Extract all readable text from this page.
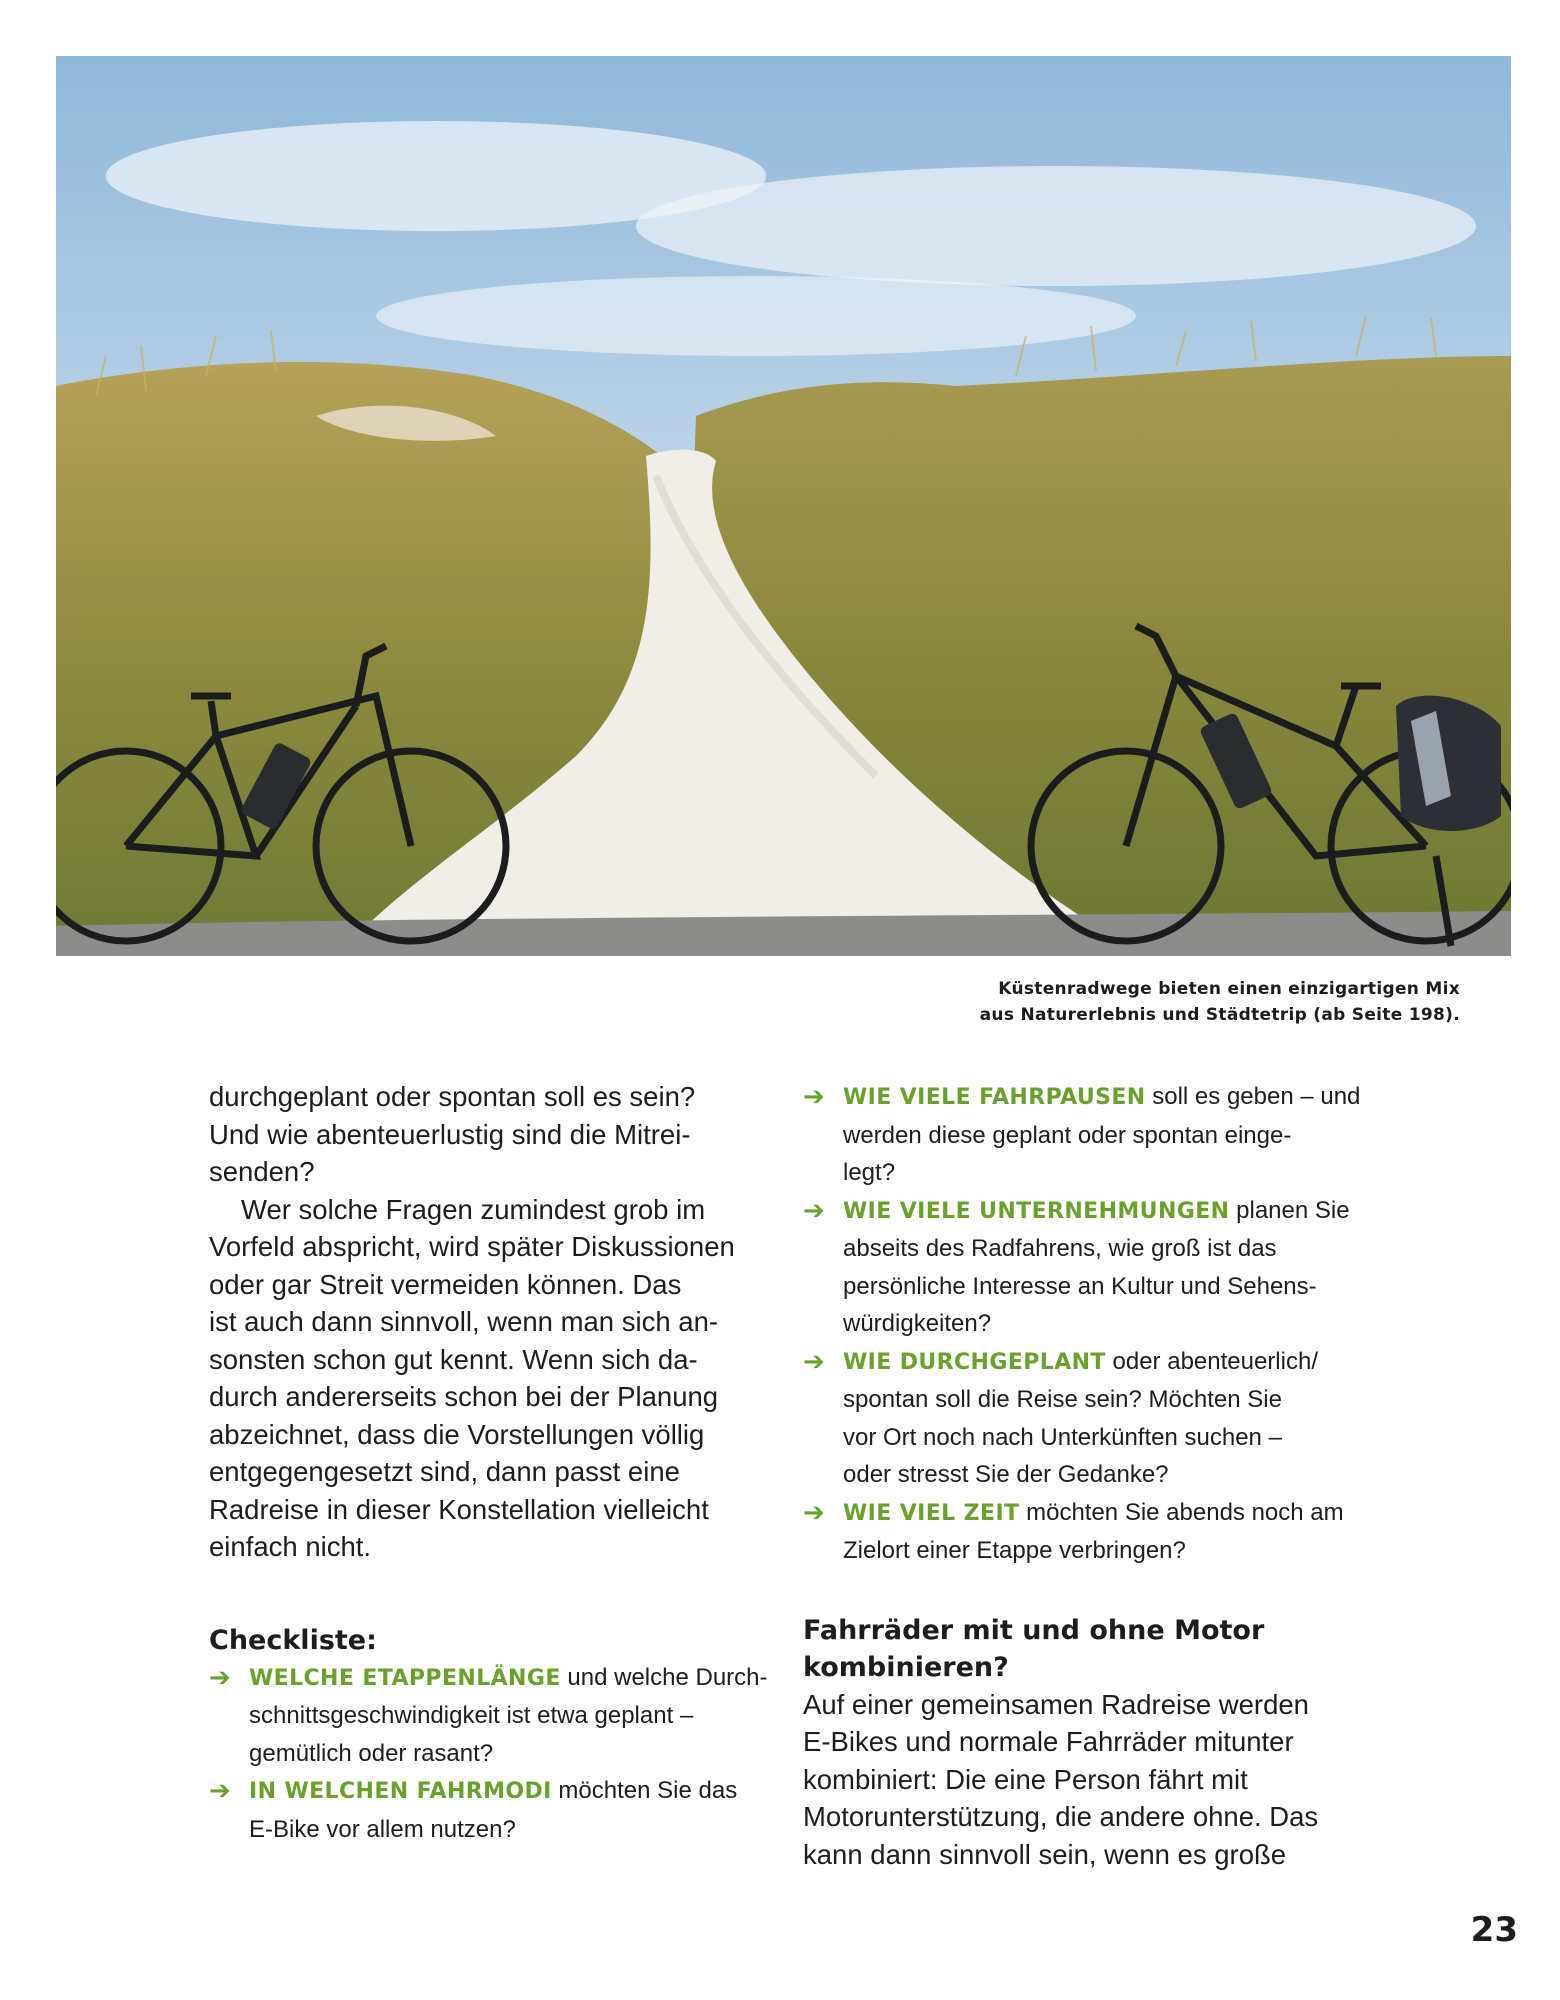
Küstenradwege bieten einen einzigartigen Mix
aus Naturerlebnis und Städtetrip (ab Seite 198).

durchgeplant oder spontan soll es sein?
Und wie abenteuerlustig sind die Mitrei-
senden?

Wer solche Fragen zumindest grob im
Vorfeld abspricht, wird später Diskussionen
oder gar Streit vermeiden können. Das
ist auch dann sinnvoll, wenn man sich an-
sonsten schon gut kennt. Wenn sich da-
durch andererseits schon bei der Planung
abzeichnet, dass die Vorstellungen völlig
entgegengesetzt sind, dann passt eine
Radreise in dieser Konstellation vielleicht
einfach nicht.

Checkliste:
➔ WELCHE ETAPPENLÄNGE und welche Durch-
schnittsgeschwindigkeit ist etwa geplant –
gemütlich oder rasant?
➔ IN WELCHEN FAHRMODI möchten Sie das
E-Bike vor allem nutzen?
➔ WIE VIELE FAHRPAUSEN soll es geben – und
werden diese geplant oder spontan einge-
legt?
➔ WIE VIELE UNTERNEHMUNGEN planen Sie
abseits des Radfahrens, wie groß ist das
persönliche Interesse an Kultur und Sehens-
würdigkeiten?
➔ WIE DURCHGEPLANT oder abenteuerlich/
spontan soll die Reise sein? Möchten Sie
vor Ort noch nach Unterkünften suchen –
oder stresst Sie der Gedanke?
➔ WIE VIEL ZEIT möchten Sie abends noch am
Zielort einer Etappe verbringen?
Fahrräder mit und ohne Motor
kombinieren?

Auf einer gemeinsamen Radreise werden
E-Bikes und normale Fahrräder mitunter
kombiniert: Die eine Person fährt mit
Motorunterstützung, die andere ohne. Das
kann dann sinnvoll sein, wenn es große

23
